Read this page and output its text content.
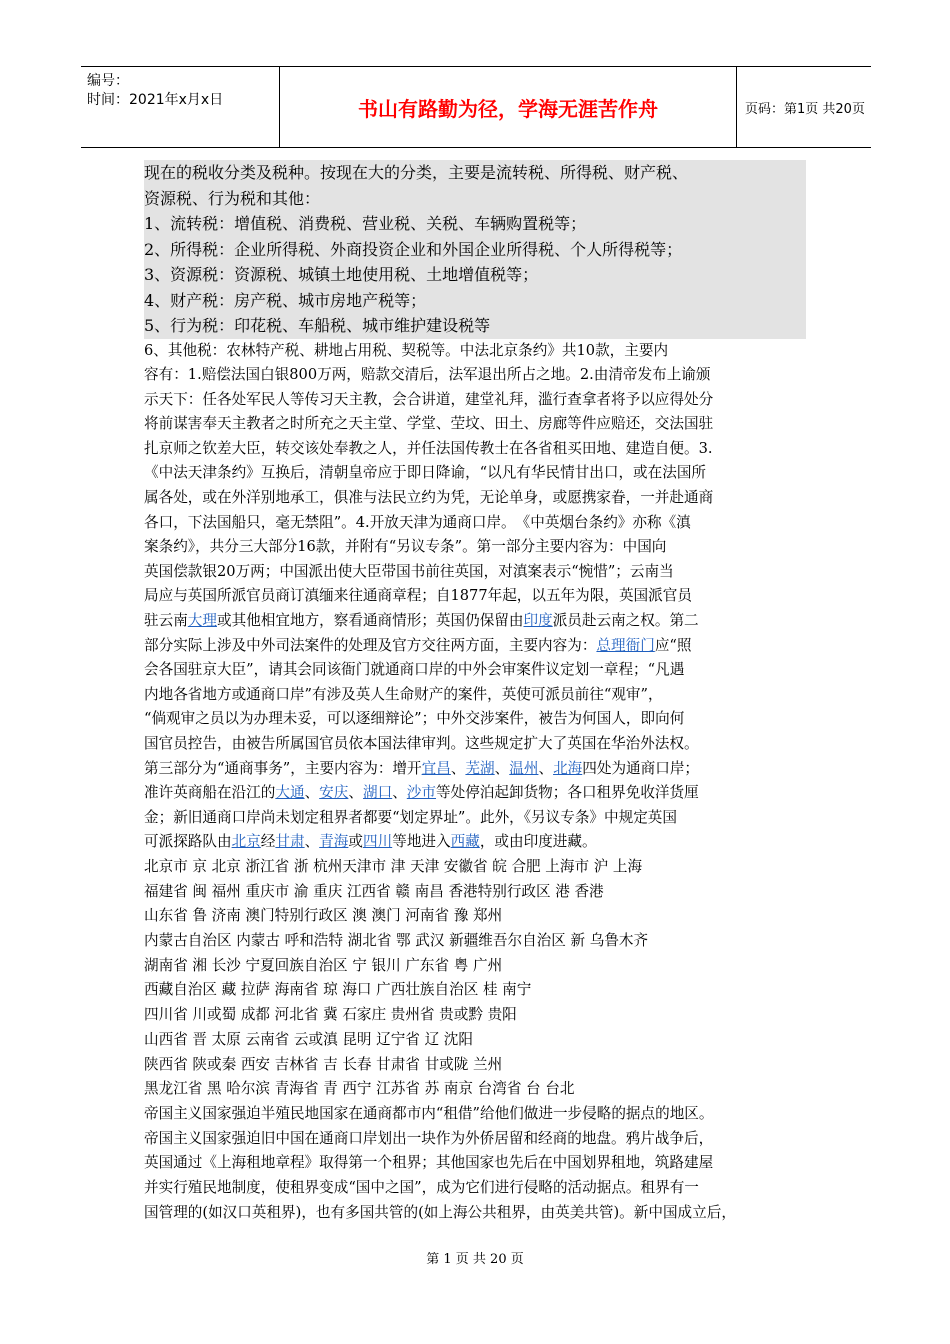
编号：
时间：2021年x月x日	书山有路勤为径，学海无涯苦作舟	页码：第1页 共20页
现在的税收分类及税种。按现在大的分类，主要是流转税、所得税、财产税、
资源税、行为税和其他：
1、流转税：增值税、消费税、营业税、关税、车辆购置税等；
2、所得税：企业所得税、外商投资企业和外国企业所得税、个人所得税等；
3、资源税：资源税、城镇土地使用税、土地增值税等；
4、财产税：房产税、城市房地产税等；
5、行为税：印花税、车船税、城市维护建设税等
6、其他税：农林特产税、耕地占用税、契税等。中法北京条约》共10款，主要内
容有：1.赔偿法国白银800万两，赔款交清后，法军退出所占之地。2.由清帝发布上谕颁
示天下：任各处军民人等传习天主教，会合讲道，建堂礼拜，滥行查拿者将予以应得处分
将前谋害奉天主教者之时所充之天主堂、学堂、茔坟、田土、房廊等件应赔还，交法国驻
扎京师之钦差大臣，转交该处奉教之人，并任法国传教士在各省租买田地、建造自便。3.
《中法天津条约》互换后，清朝皇帝应于即日降谕，“以凡有华民情甘出口，或在法国所
属各处，或在外洋别地承工，俱准与法民立约为凭，无论单身，或愿携家眷，一并赴通商
各口，下法国船只，毫无禁阻”。4.开放天津为通商口岸。　《中英烟台条约》亦称《滇
案条约》，共分三大部分16款，并附有“另议专条”。第一部分主要内容为：中国向
英国偿款银20万两；中国派出使大臣带国书前往英国，对滇案表示“惋惜”；云南当
局应与英国所派官员商订滇缅来往通商章程；自1877年起，以五年为限，英国派官员
驻云南大理或其他相宜地方，察看通商情形；英国仍保留由印度派员赴云南之权。第二
部分实际上涉及中外司法案件的处理及官方交往两方面，主要内容为：总理衙门应“照
会各国驻京大臣”，请其会同该衙门就通商口岸的中外会审案件议定划一章程；“凡遇
内地各省地方或通商口岸”有涉及英人生命财产的案件，英使可派员前往“观审”，
“倘观审之员以为办理未妥，可以逐细辩论”；中外交涉案件，被告为何国人，即向何
国官员控告，由被告所属国官员依本国法律审判。这些规定扩大了英国在华治外法权。
第三部分为“通商事务”，主要内容为：增开宜昌、芜湖、温州、北海四处为通商口岸；
准许英商船在沿江的大通、安庆、湖口、沙市等处停泊起卸货物；各口租界免收洋货厘
金；新旧通商口岸尚未划定租界者都要“划定界址”。此外，《另议专条》中规定英国
可派探路队由北京经甘肃、青海或四川等地进入西藏，或由印度进藏。
北京市 京 北京 浙江省 浙 杭州天津市 津 天津 安徽省 皖 合肥 上海市 沪 上海
福建省 闽 福州 重庆市 渝 重庆 江西省 赣 南昌 香港特别行政区 港 香港
山东省 鲁 济南 澳门特别行政区 澳 澳门 河南省 豫 郑州
内蒙古自治区 内蒙古 呼和浩特 湖北省 鄂 武汉 新疆维吾尔自治区 新 乌鲁木齐
湖南省 湘 长沙 宁夏回族自治区 宁 银川 广东省 粤 广州
西藏自治区 藏 拉萨 海南省 琼 海口 广西壮族自治区 桂 南宁
四川省 川或蜀 成都 河北省 冀 石家庄 贵州省 贵或黔 贵阳
山西省 晋 太原 云南省 云或滇 昆明 辽宁省 辽 沈阳
陕西省 陕或秦 西安 吉林省 吉 长春 甘肃省 甘或陇 兰州
黑龙江省 黑 哈尔滨 青海省 青 西宁 江苏省 苏 南京 台湾省 台 台北
帝国主义国家强迫半殖民地国家在通商都市内“租借”给他们做进一步侵略的据点的地区。
帝国主义国家强迫旧中国在通商口岸划出一块作为外侨居留和经商的地盘。鸦片战争后，
英国通过《上海租地章程》取得第一个租界；其他国家也先后在中国划界租地，筑路建屋
并实行殖民地制度，使租界变成“国中之国”，成为它们进行侵略的活动据点。租界有一
国管理的(如汉口英租界)，也有多国共管的(如上海公共租界，由英美共管)。新中国成立后，
第 1 页 共 20 页
